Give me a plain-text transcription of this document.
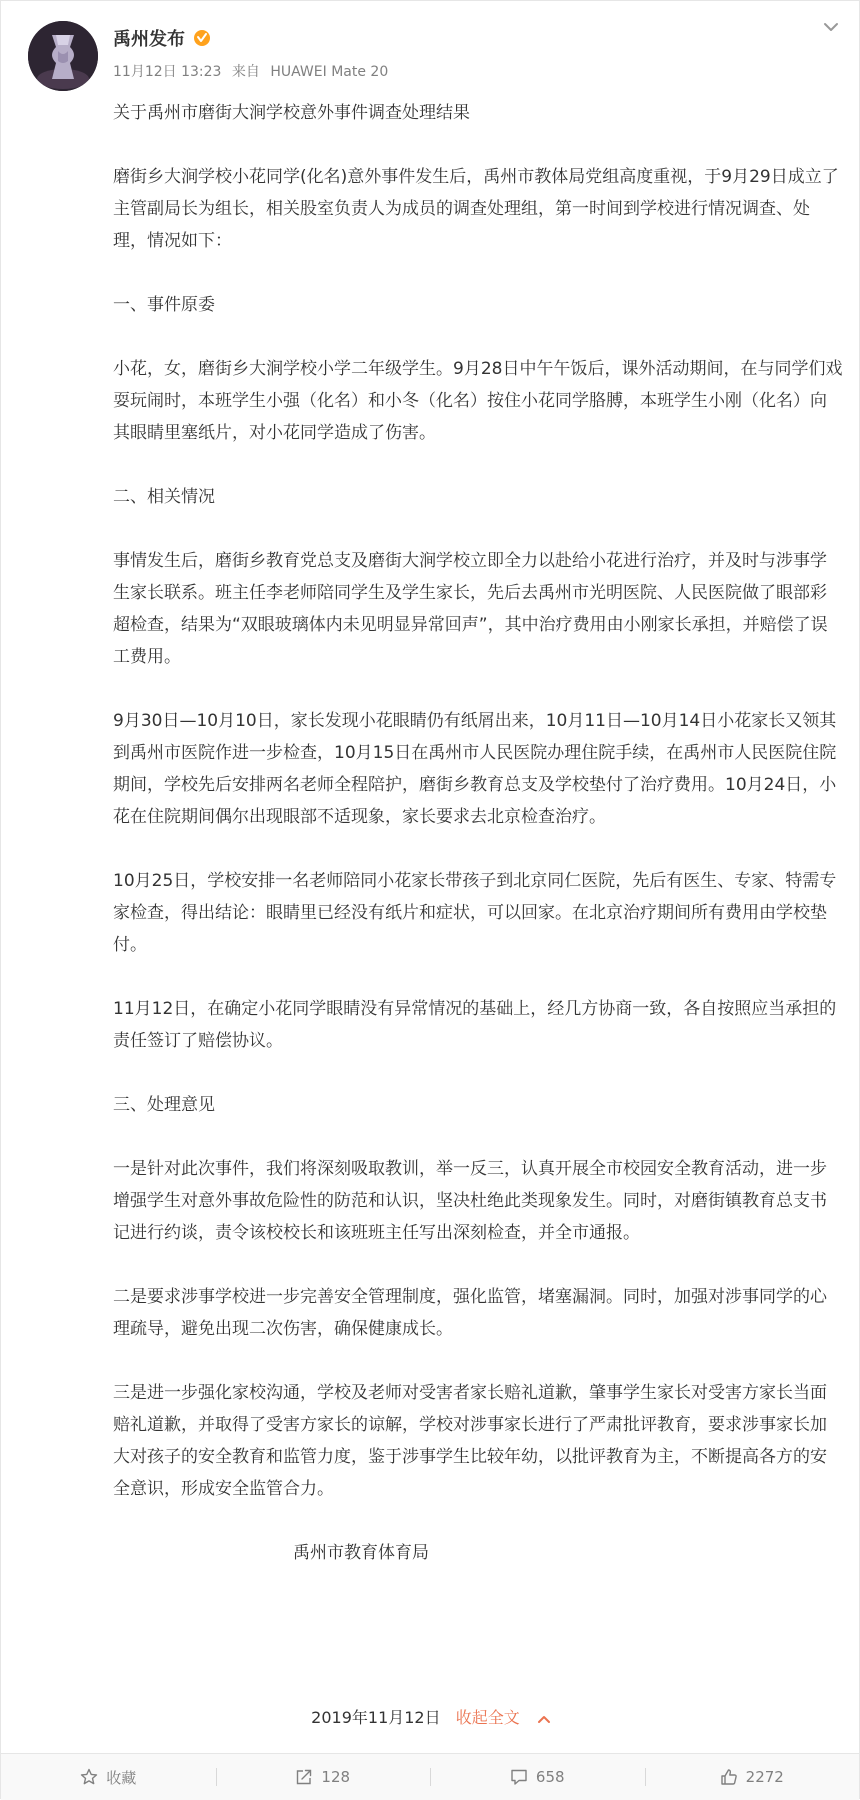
禹州发布
11月12日 13:23 来自 HUAWEI Mate 20

关于禹州市磨街大涧学校意外事件调查处理结果

磨街乡大涧学校小花同学(化名)意外事件发生后，禹州市教体局党组高度重视，于9月29日成立了主管副局长为组长，相关股室负责人为成员的调查处理组，第一时间到学校进行情况调查、处理，情况如下：

一、事件原委

小花，女，磨街乡大涧学校小学二年级学生。9月28日中午午饭后，课外活动期间，在与同学们戏耍玩闹时，本班学生小强（化名）和小冬（化名）按住小花同学胳膊，本班学生小刚（化名）向其眼睛里塞纸片，对小花同学造成了伤害。

二、相关情况

事情发生后，磨街乡教育党总支及磨街大涧学校立即全力以赴给小花进行治疗，并及时与涉事学生家长联系。班主任李老师陪同学生及学生家长，先后去禹州市光明医院、人民医院做了眼部彩超检查，结果为“双眼玻璃体内未见明显异常回声”，其中治疗费用由小刚家长承担，并赔偿了误工费用。

9月30日—10月10日，家长发现小花眼睛仍有纸屑出来，10月11日—10月14日小花家长又领其到禹州市医院作进一步检查，10月15日在禹州市人民医院办理住院手续，在禹州市人民医院住院期间，学校先后安排两名老师全程陪护，磨街乡教育总支及学校垫付了治疗费用。10月24日，小花在住院期间偶尔出现眼部不适现象，家长要求去北京检查治疗。

10月25日，学校安排一名老师陪同小花家长带孩子到北京同仁医院，先后有医生、专家、特需专家检查，得出结论：眼睛里已经没有纸片和症状，可以回家。在北京治疗期间所有费用由学校垫付。

11月12日，在确定小花同学眼睛没有异常情况的基础上，经几方协商一致，各自按照应当承担的责任签订了赔偿协议。

三、处理意见

一是针对此次事件，我们将深刻吸取教训，举一反三，认真开展全市校园安全教育活动，进一步增强学生对意外事故危险性的防范和认识，坚决杜绝此类现象发生。同时，对磨街镇教育总支书记进行约谈，责令该校校长和该班班主任写出深刻检查，并全市通报。

二是要求涉事学校进一步完善安全管理制度，强化监管，堵塞漏洞。同时，加强对涉事同学的心理疏导，避免出现二次伤害，确保健康成长。

三是进一步强化家校沟通，学校及老师对受害者家长赔礼道歉，肇事学生家长对受害方家长当面赔礼道歉，并取得了受害方家长的谅解，学校对涉事家长进行了严肃批评教育，要求涉事家长加大对孩子的安全教育和监管力度，鉴于涉事学生比较年幼，以批评教育为主，不断提高各方的安全意识，形成安全监管合力。

禹州市教育体育局

2019年11月12日 收起全文
收藏	128	658	2272
